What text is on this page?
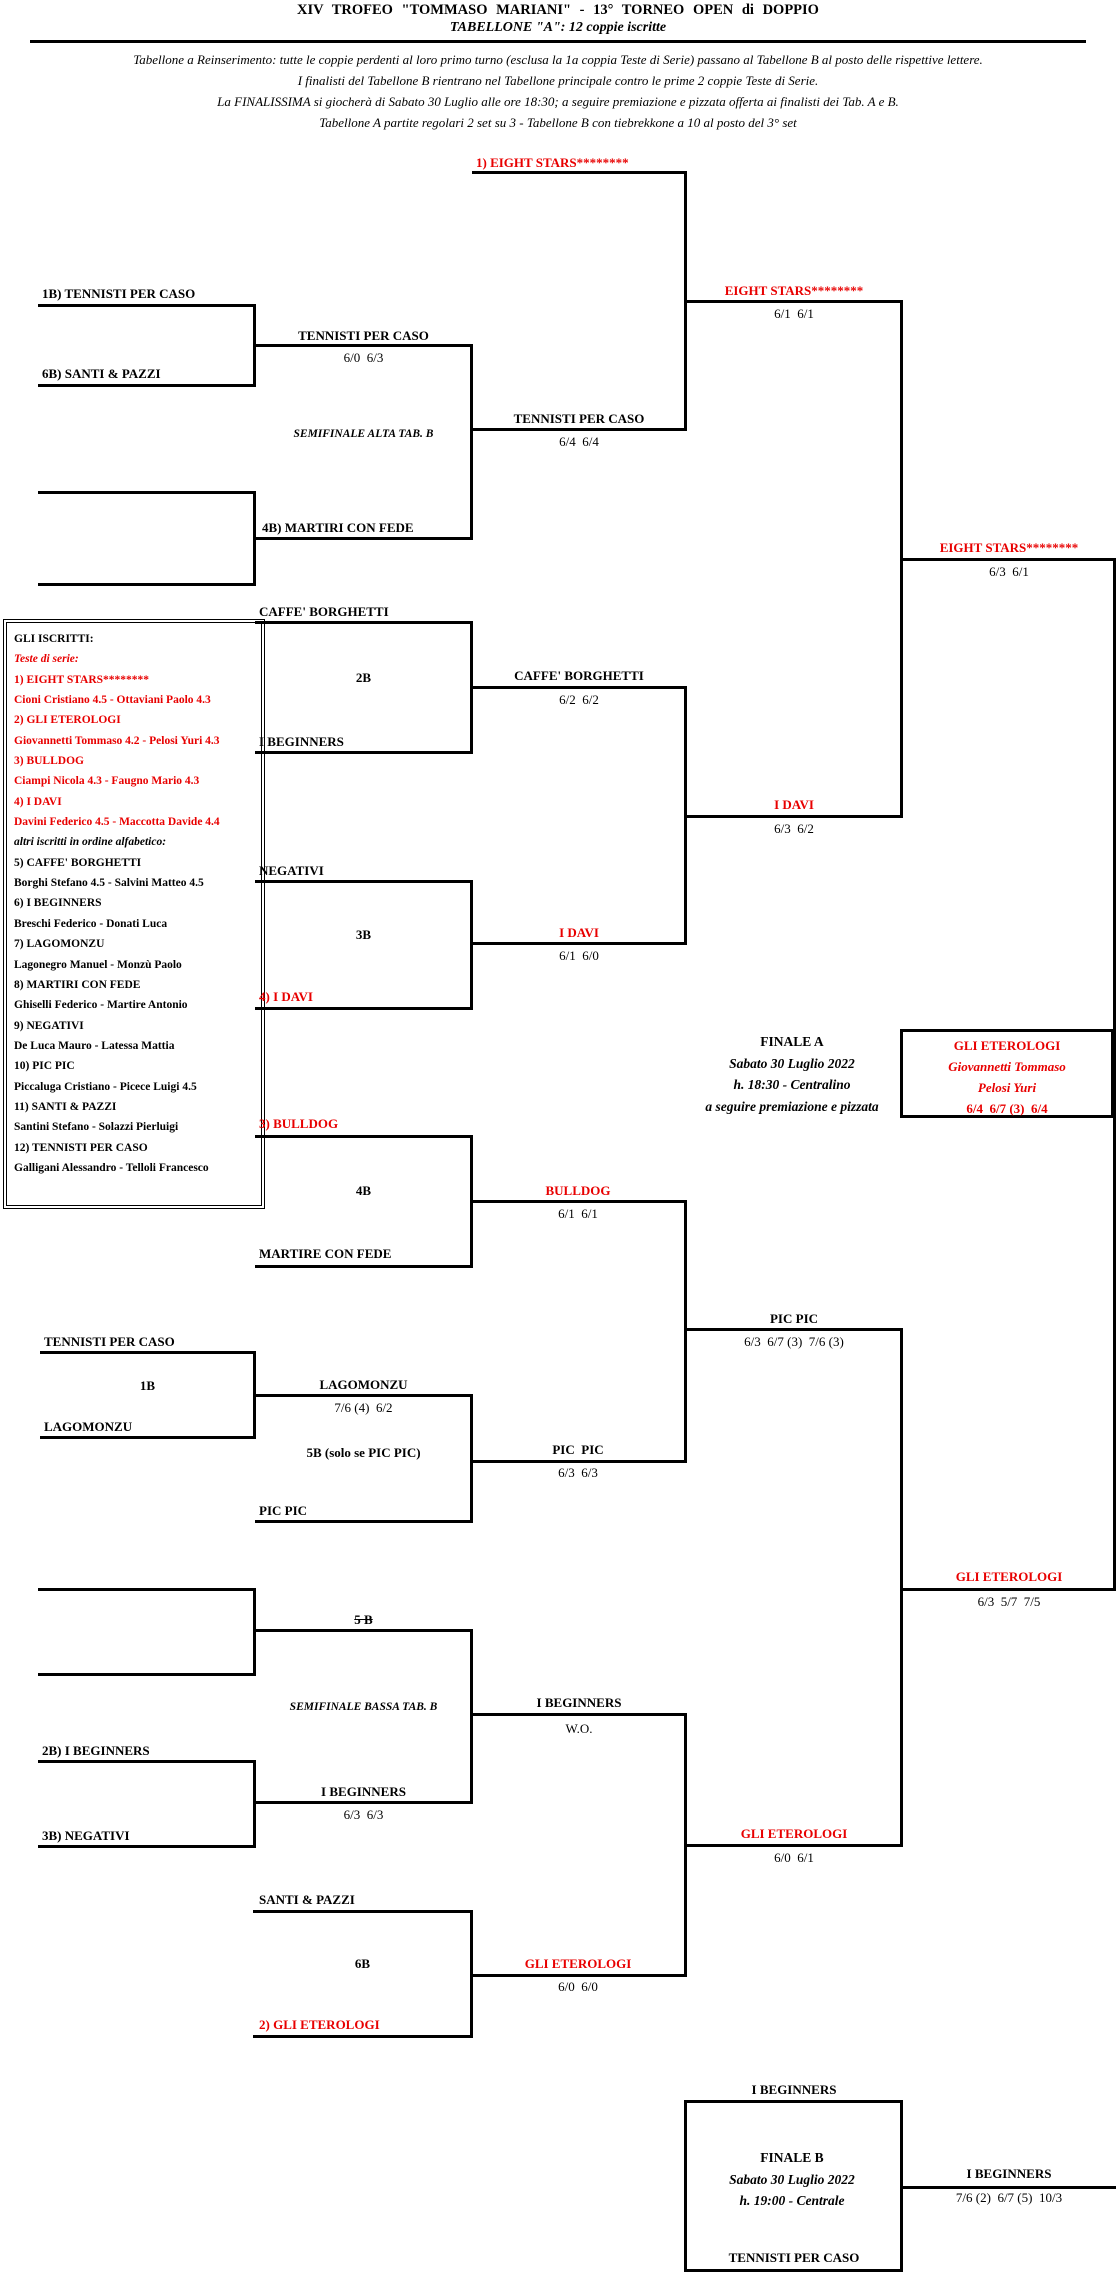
XIV TROFEO "TOMMASO MARIANI" - 13° TORNEO OPEN di DOPPIO
TABELLONE "A": 12 coppie iscritte
Tabellone a Reinserimento: tutte le coppie perdenti al loro primo turno (esclusa la 1a coppia Teste di Serie) passano al Tabellone B al posto delle rispettive lettere.
I finalisti del Tabellone B rientrano nel Tabellone principale contro le prime 2 coppie Teste di Serie.
La FINALISSIMA si giocherà di Sabato 30 Luglio alle ore 18:30; a seguire premiazione e pizzata offerta ai finalisti dei Tab. A e B.
Tabellone A partite regolari 2 set su 3 - Tabellone B con tiebrekkone a 10 al posto del 3° set
GLI ISCRITTI:
Teste di serie:
1) EIGHT STARS********
Cioni Cristiano 4.5 - Ottaviani Paolo 4.3
2) GLI ETEROLOGI
Giovannetti Tommaso 4.2 - Pelosi Yuri 4.3
3) BULLDOG
Ciampi Nicola 4.3 - Faugno Mario 4.3
4) I DAVI
Davini Federico 4.5 - Maccotta Davide 4.4
altri iscritti in ordine alfabetico:
5) CAFFE' BORGHETTI
Borghi Stefano 4.5 - Salvini Matteo 4.5
6) I BEGINNERS
Breschi Federico - Donati Luca
7) LAGOMONZU
Lagonegro Manuel - Monzù Paolo
8) MARTIRI CON FEDE
Ghiselli Federico - Martire Antonio
9) NEGATIVI
De Luca Mauro - Latessa Mattia
10) PIC PIC
Piccaluga Cristiano - Picece Luigi 4.5
11) SANTI & PAZZI
Santini Stefano - Solazzi Pierluigi
12) TENNISTI PER CASO
Galligani Alessandro - Telloli Francesco
1) EIGHT STARS********
1B) TENNISTI PER CASO
6B) SANTI & PAZZI
TENNISTI PER CASO
6/0  6/3
SEMIFINALE ALTA TAB. B
4B) MARTIRI CON FEDE
TENNISTI PER CASO
6/4  6/4
EIGHT STARS********
6/1  6/1
CAFFE' BORGHETTI
2B
I BEGINNERS
CAFFE' BORGHETTI
6/2  6/2
NEGATIVI
3B
4) I DAVI
I DAVI
6/1  6/0
I DAVI
6/3  6/2
EIGHT STARS********
6/3  6/1
FINALE A
Sabato 30 Luglio 2022
h. 18:30 - Centralino
a seguire premiazione e pizzata
GLI ETEROLOGI
Giovannetti Tommaso
Pelosi Yuri
6/4  6/7 (3)  6/4
3) BULLDOG
4B
MARTIRE CON FEDE
BULLDOG
6/1  6/1
TENNISTI PER CASO
1B
LAGOMONZU
LAGOMONZU
7/6 (4)  6/2
5B (solo se PIC PIC)
PIC PIC
PIC  PIC
6/3  6/3
PIC PIC
6/3  6/7 (3)  7/6 (3)
5 B
SEMIFINALE BASSA TAB. B	I BEGINNERS
W.O.
2B) I BEGINNERS
3B) NEGATIVI
I BEGINNERS
6/3  6/3
SANTI & PAZZI
6B
2) GLI ETEROLOGI
GLI ETEROLOGI
6/0  6/0
GLI ETEROLOGI
6/0  6/1
GLI ETEROLOGI
6/3  5/7  7/5
I BEGINNERS
FINALE B
Sabato 30 Luglio 2022
h. 19:00 - Centrale
TENNISTI PER CASO
I BEGINNERS
7/6 (2)  6/7 (5)  10/3
